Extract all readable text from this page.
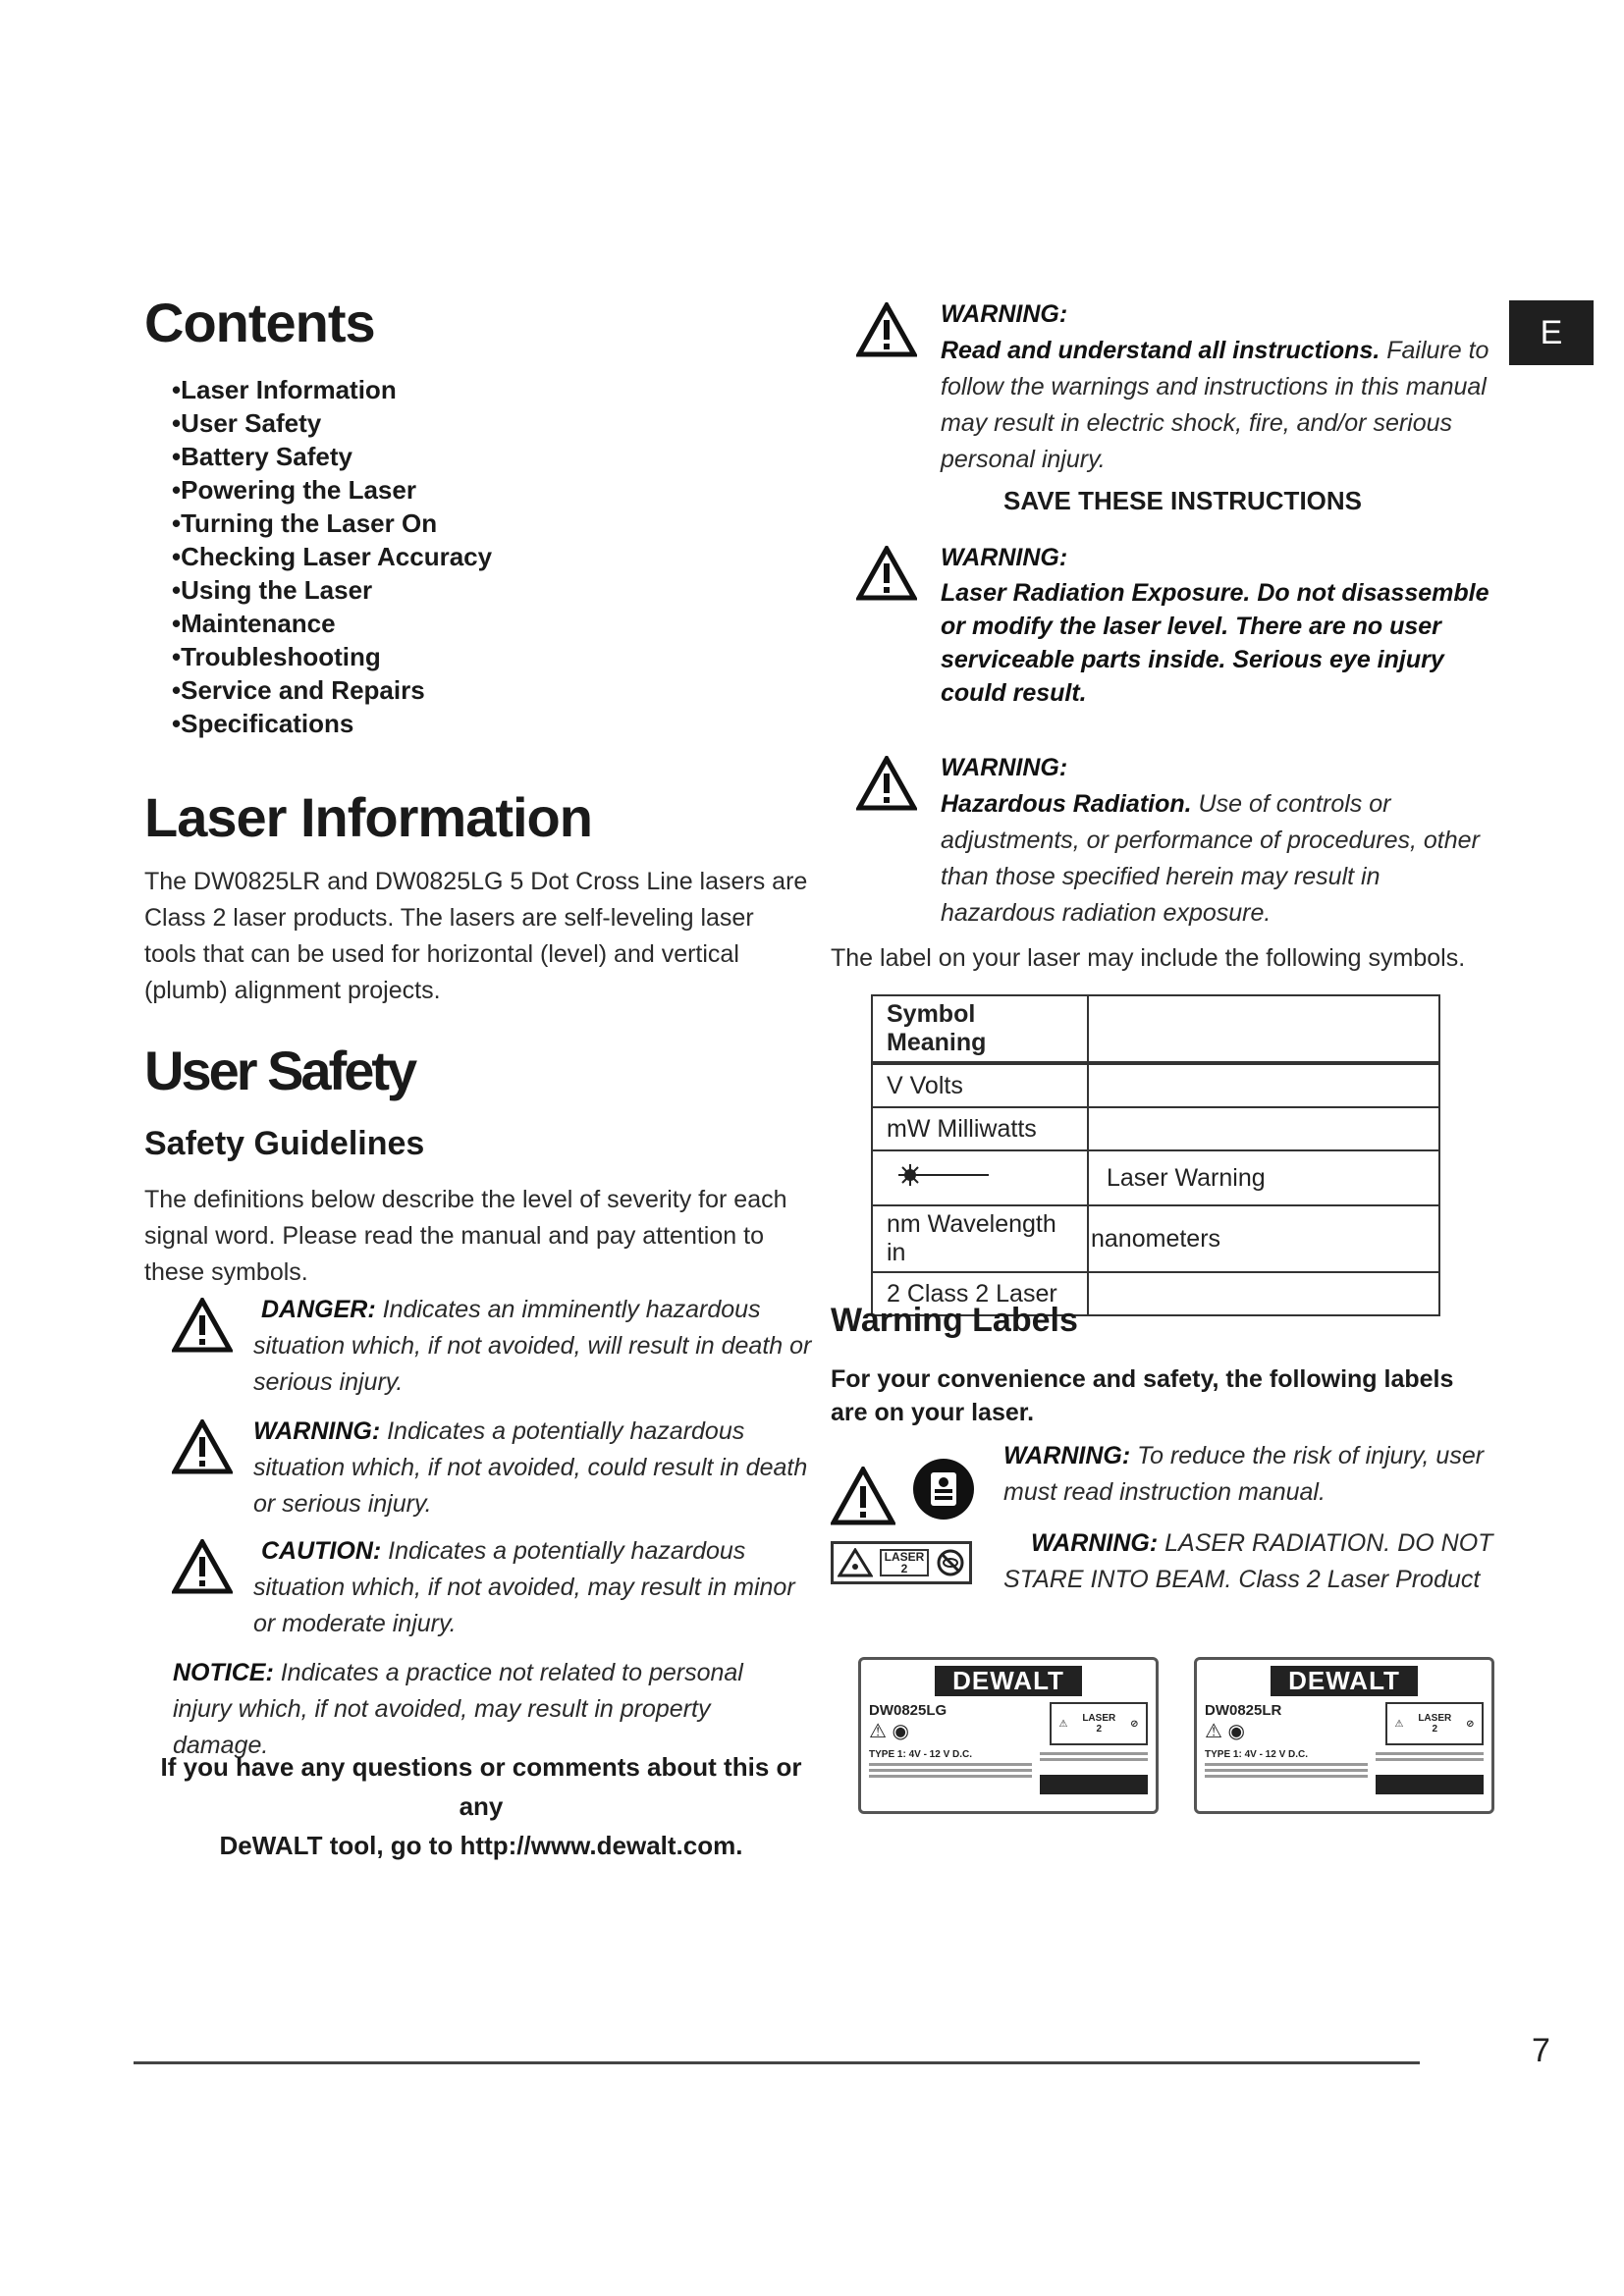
E
Contents
• Laser Information
• User Safety
• Battery Safety
• Powering the Laser
• Turning the Laser On
• Checking Laser Accuracy
• Using the Laser
• Maintenance
• Troubleshooting
• Service and Repairs
• Specifications
Laser Information
The DW0825LR and DW0825LG 5 Dot Cross Line lasers are Class 2 laser products. The lasers are self-leveling laser tools that can be used for horizontal (level) and vertical (plumb) alignment projects.
User Safety
Safety Guidelines
The definitions below describe the level of severity for each signal word. Please read the manual and pay attention to these symbols.
DANGER: Indicates an imminently hazardous situation which, if not avoided, will result in death or serious injury.
WARNING: Indicates a potentially hazardous situation which, if not avoided, could result in death or serious injury.
CAUTION: Indicates a potentially hazardous situation which, if not avoided, may result in minor or moderate injury.
NOTICE: Indicates a practice not related to personal injury which, if not avoided, may result in property damage.
If you have any questions or comments about this or any
DeWALT tool, go to http://www.dewalt.com.
WARNING:
Read and understand all instructions. Failure to follow the warnings and instructions in this manual may result in electric shock, fire, and/or serious personal injury.
SAVE THESE INSTRUCTIONS
WARNING:
Laser Radiation Exposure. Do not disassemble or modify the laser level. There are no user serviceable parts inside. Serious eye injury could result.
WARNING:
Hazardous Radiation. Use of controls or adjustments, or performance of procedures, other than those specified herein may result in hazardous radiation exposure.
The label on your laser may include the following symbols.
Symbol Meaning	
V Volts	
mW Milliwatts	
	Laser Warning
nm Wavelength in	nanometers
2 Class 2 Laser	
Warning Labels
For your convenience and safety, the following labels are on your laser.
WARNING: To reduce the risk of injury, user must read instruction manual.
LASER
2
WARNING: LASER RADIATION. DO NOT STARE INTO BEAM. Class 2 Laser Product
DEWALT
DW0825LG
⚠ ◉	⚠ LASER
2	⊘
TYPE 1: 4V - 12 V D.C.
DEWALT
DW0825LR
⚠ ◉	⚠ LASER
2	⊘
TYPE 1: 4V - 12 V D.C.
7
